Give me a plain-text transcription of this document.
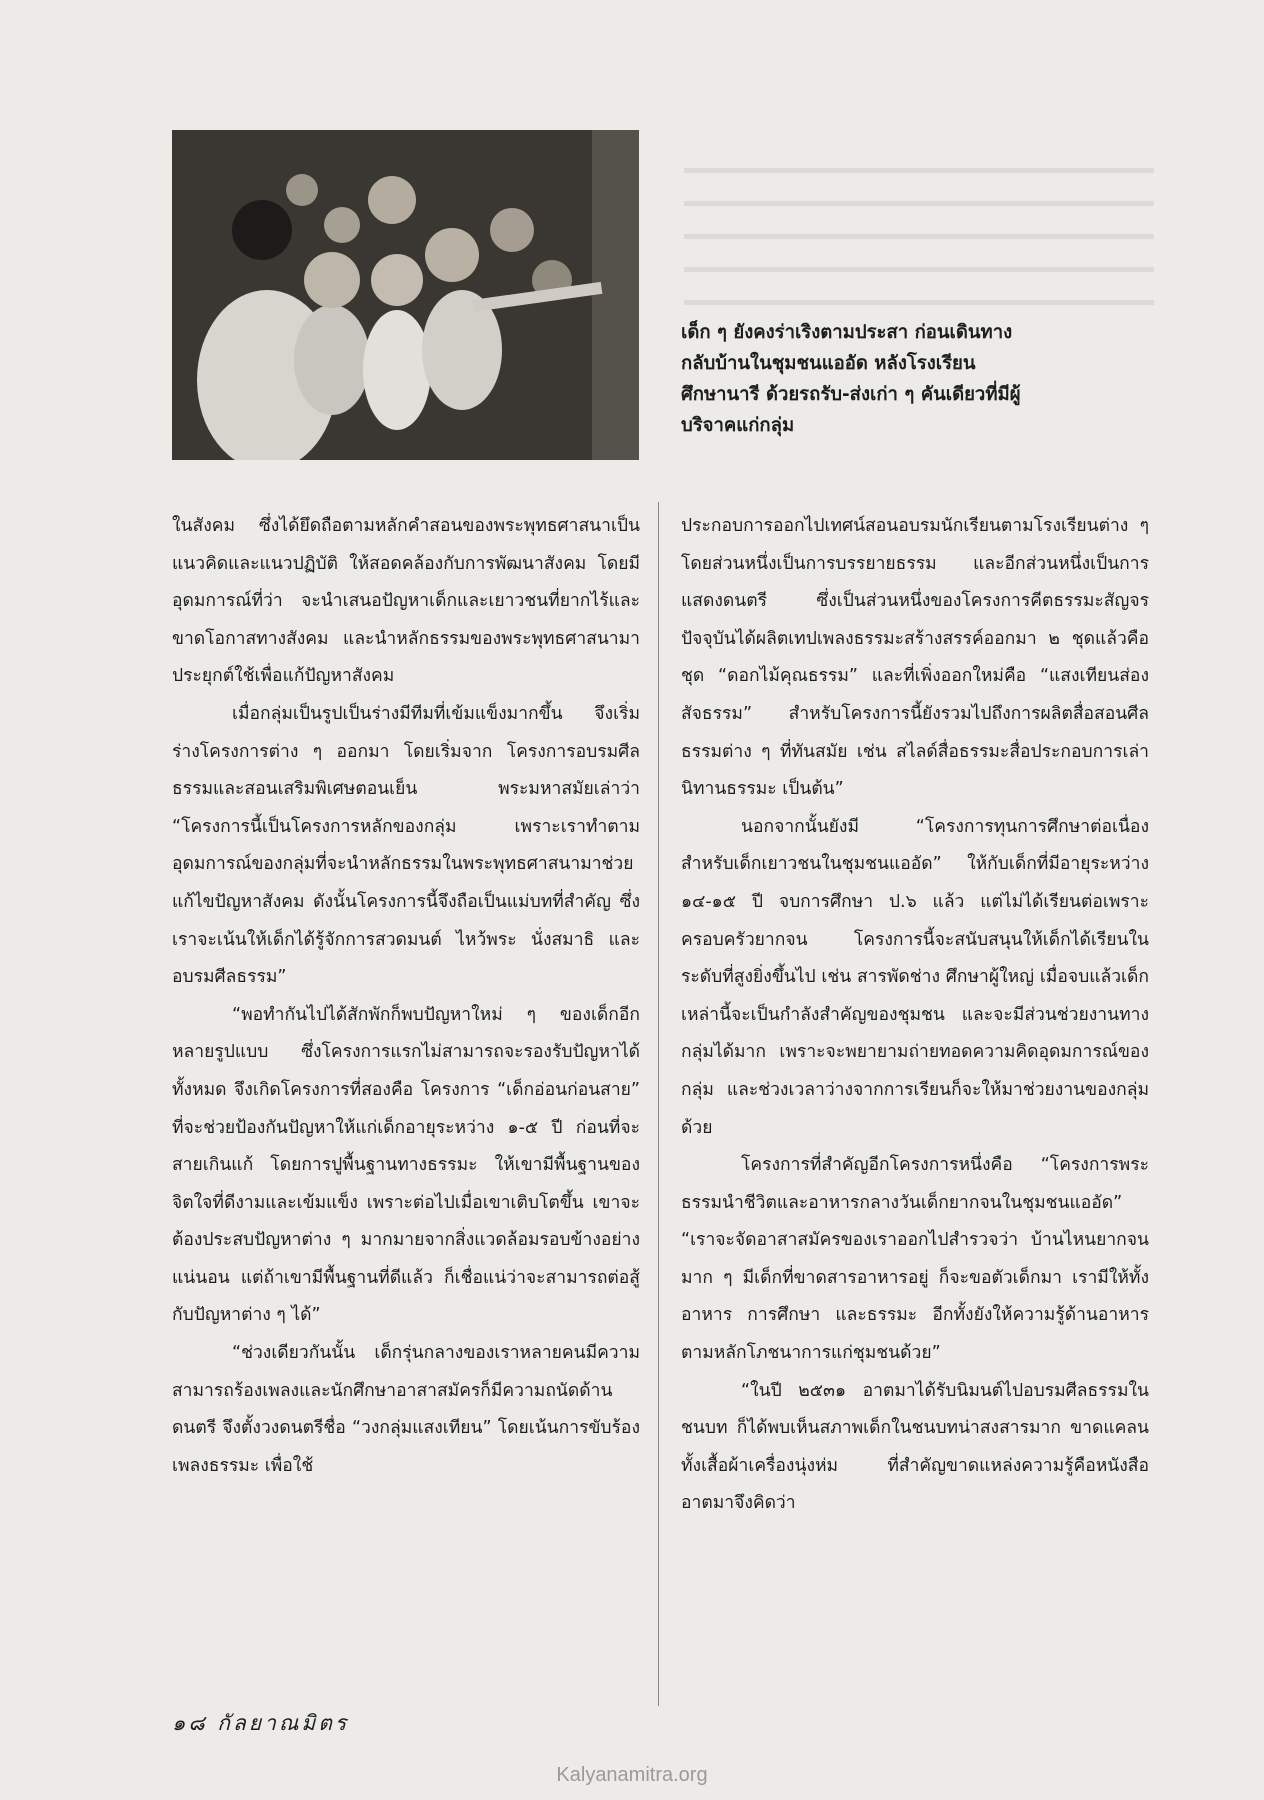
เด็ก ๆ ยังคงร่าเริงตามประสา ก่อนเดินทางกลับบ้านในชุมชนแออัด หลังโรงเรียนศึกษานารี ด้วยรถรับ-ส่งเก่า ๆ คันเดียวที่มีผู้บริจาคแก่กลุ่ม

ในสังคม ซึ่งได้ยึดถือตามหลักคำสอนของพระพุทธศาสนาเป็นแนวคิดและแนวปฏิบัติ ให้สอดคล้องกับการพัฒนาสังคม โดยมีอุดมการณ์ที่ว่า จะนำเสนอปัญหาเด็กและเยาวชนที่ยากไร้และขาดโอกาสทางสังคม และนำหลักธรรมของพระพุทธศาสนามาประยุกต์ใช้เพื่อแก้ปัญหาสังคม

เมื่อกลุ่มเป็นรูปเป็นร่างมีทีมที่เข้มแข็งมากขึ้น จึงเริ่มร่างโครงการต่าง ๆ ออกมา โดยเริ่มจาก โครงการอบรมศีลธรรมและสอนเสริมพิเศษตอนเย็น พระมหาสมัยเล่าว่า “โครงการนี้เป็นโครงการหลักของกลุ่ม เพราะเราทำตามอุดมการณ์ของกลุ่มที่จะนำหลักธรรมในพระพุทธศาสนามาช่วยแก้ไขปัญหาสังคม ดังนั้นโครงการนี้จึงถือเป็นแม่บทที่สำคัญ ซึ่งเราจะเน้นให้เด็กได้รู้จักการสวดมนต์ ไหว้พระ นั่งสมาธิ และอบรมศีลธรรม”

“พอทำกันไปได้สักพักก็พบปัญหาใหม่ ๆ ของเด็กอีกหลายรูปแบบ ซึ่งโครงการแรกไม่สามารถจะรองรับปัญหาได้ทั้งหมด จึงเกิดโครงการที่สองคือ โครงการ “เด็กอ่อนก่อนสาย” ที่จะช่วยป้องกันปัญหาให้แก่เด็กอายุระหว่าง ๑-๕ ปี ก่อนที่จะสายเกินแก้ โดยการปูพื้นฐานทางธรรมะ ให้เขามีพื้นฐานของจิตใจที่ดีงามและเข้มแข็ง เพราะต่อไปเมื่อเขาเติบโตขึ้น เขาจะต้องประสบปัญหาต่าง ๆ มากมายจากสิ่งแวดล้อมรอบข้างอย่างแน่นอน แต่ถ้าเขามีพื้นฐานที่ดีแล้ว ก็เชื่อแน่ว่าจะสามารถต่อสู้กับปัญหาต่าง ๆ ได้”

“ช่วงเดียวกันนั้น เด็กรุ่นกลางของเราหลายคนมีความสามารถร้องเพลงและนักศึกษาอาสาสมัครก็มีความถนัดด้านดนตรี จึงตั้งวงดนตรีชื่อ “วงกลุ่มแสงเทียน” โดยเน้นการขับร้องเพลงธรรมะ เพื่อใช้

ประกอบการออกไปเทศน์สอนอบรมนักเรียนตามโรงเรียนต่าง ๆ โดยส่วนหนึ่งเป็นการบรรยายธรรม และอีกส่วนหนึ่งเป็นการแสดงดนตรี ซึ่งเป็นส่วนหนึ่งของโครงการคีตธรรมะสัญจร ปัจจุบันได้ผลิตเทปเพลงธรรมะสร้างสรรค์ออกมา ๒ ชุดแล้วคือ ชุด “ดอกไม้คุณธรรม” และที่เพิ่งออกใหม่คือ “แสงเทียนส่องสัจธรรม” สำหรับโครงการนี้ยังรวมไปถึงการผลิตสื่อสอนศีลธรรมต่าง ๆ ที่ทันสมัย เช่น สไลด์สื่อธรรมะสื่อประกอบการเล่านิทานธรรมะ เป็นต้น”

นอกจากนั้นยังมี “โครงการทุนการศึกษาต่อเนื่องสำหรับเด็กเยาวชนในชุมชนแออัด” ให้กับเด็กที่มีอายุระหว่าง ๑๔-๑๕ ปี จบการศึกษา ป.๖ แล้ว แต่ไม่ได้เรียนต่อเพราะครอบครัวยากจน โครงการนี้จะสนับสนุนให้เด็กได้เรียนในระดับที่สูงยิ่งขึ้นไป เช่น สารพัดช่าง ศึกษาผู้ใหญ่ เมื่อจบแล้วเด็กเหล่านี้จะเป็นกำลังสำคัญของชุมชน และจะมีส่วนช่วยงานทางกลุ่มได้มาก เพราะจะพยายามถ่ายทอดความคิดอุดมการณ์ของกลุ่ม และช่วงเวลาว่างจากการเรียนก็จะให้มาช่วยงานของกลุ่มด้วย

โครงการที่สำคัญอีกโครงการหนึ่งคือ “โครงการพระธรรมนำชีวิตและอาหารกลางวันเด็กยากจนในชุมชนแออัด” “เราจะจัดอาสาสมัครของเราออกไปสำรวจว่า บ้านไหนยากจนมาก ๆ มีเด็กที่ขาดสารอาหารอยู่ ก็จะขอตัวเด็กมา เรามีให้ทั้งอาหาร การศึกษา และธรรมะ อีกทั้งยังให้ความรู้ด้านอาหารตามหลักโภชนาการแก่ชุมชนด้วย”

“ในปี ๒๕๓๑ อาตมาได้รับนิมนต์ไปอบรมศีลธรรมในชนบท ก็ได้พบเห็นสภาพเด็กในชนบทน่าสงสารมาก ขาดแคลนทั้งเสื้อผ้าเครื่องนุ่งห่ม ที่สำคัญขาดแหล่งความรู้คือหนังสือ อาตมาจึงคิดว่า

๑๘ กัลยาณมิตร
Kalyanamitra.org
